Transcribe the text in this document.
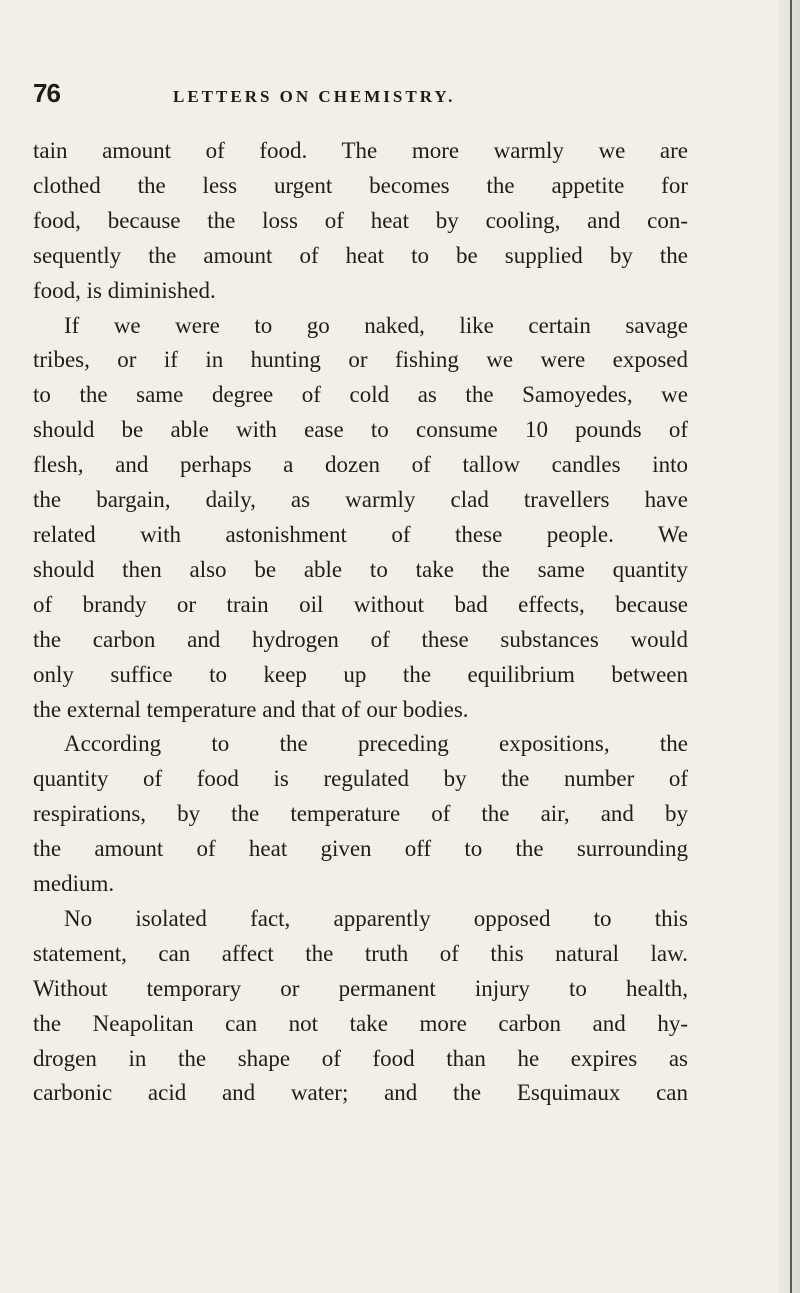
76	LETTERS ON CHEMISTRY.
tain amount of food. The more warmly we are
clothed the less urgent becomes the appetite for
food, because the loss of heat by cooling, and con-
sequently the amount of heat to be supplied by the
food, is diminished.
If we were to go naked, like certain savage
tribes, or if in hunting or fishing we were exposed
to the same degree of cold as the Samoyedes, we
should be able with ease to consume 10 pounds of
flesh, and perhaps a dozen of tallow candles into
the bargain, daily, as warmly clad travellers have
related with astonishment of these people. We
should then also be able to take the same quantity
of brandy or train oil without bad effects, because
the carbon and hydrogen of these substances would
only suffice to keep up the equilibrium between
the external temperature and that of our bodies.
According to the preceding expositions, the
quantity of food is regulated by the number of
respirations, by the temperature of the air, and by
the amount of heat given off to the surrounding
medium.
No isolated fact, apparently opposed to this
statement, can affect the truth of this natural law.
Without temporary or permanent injury to health,
the Neapolitan can not take more carbon and hy-
drogen in the shape of food than he expires as
carbonic acid and water; and the Esquimaux can
